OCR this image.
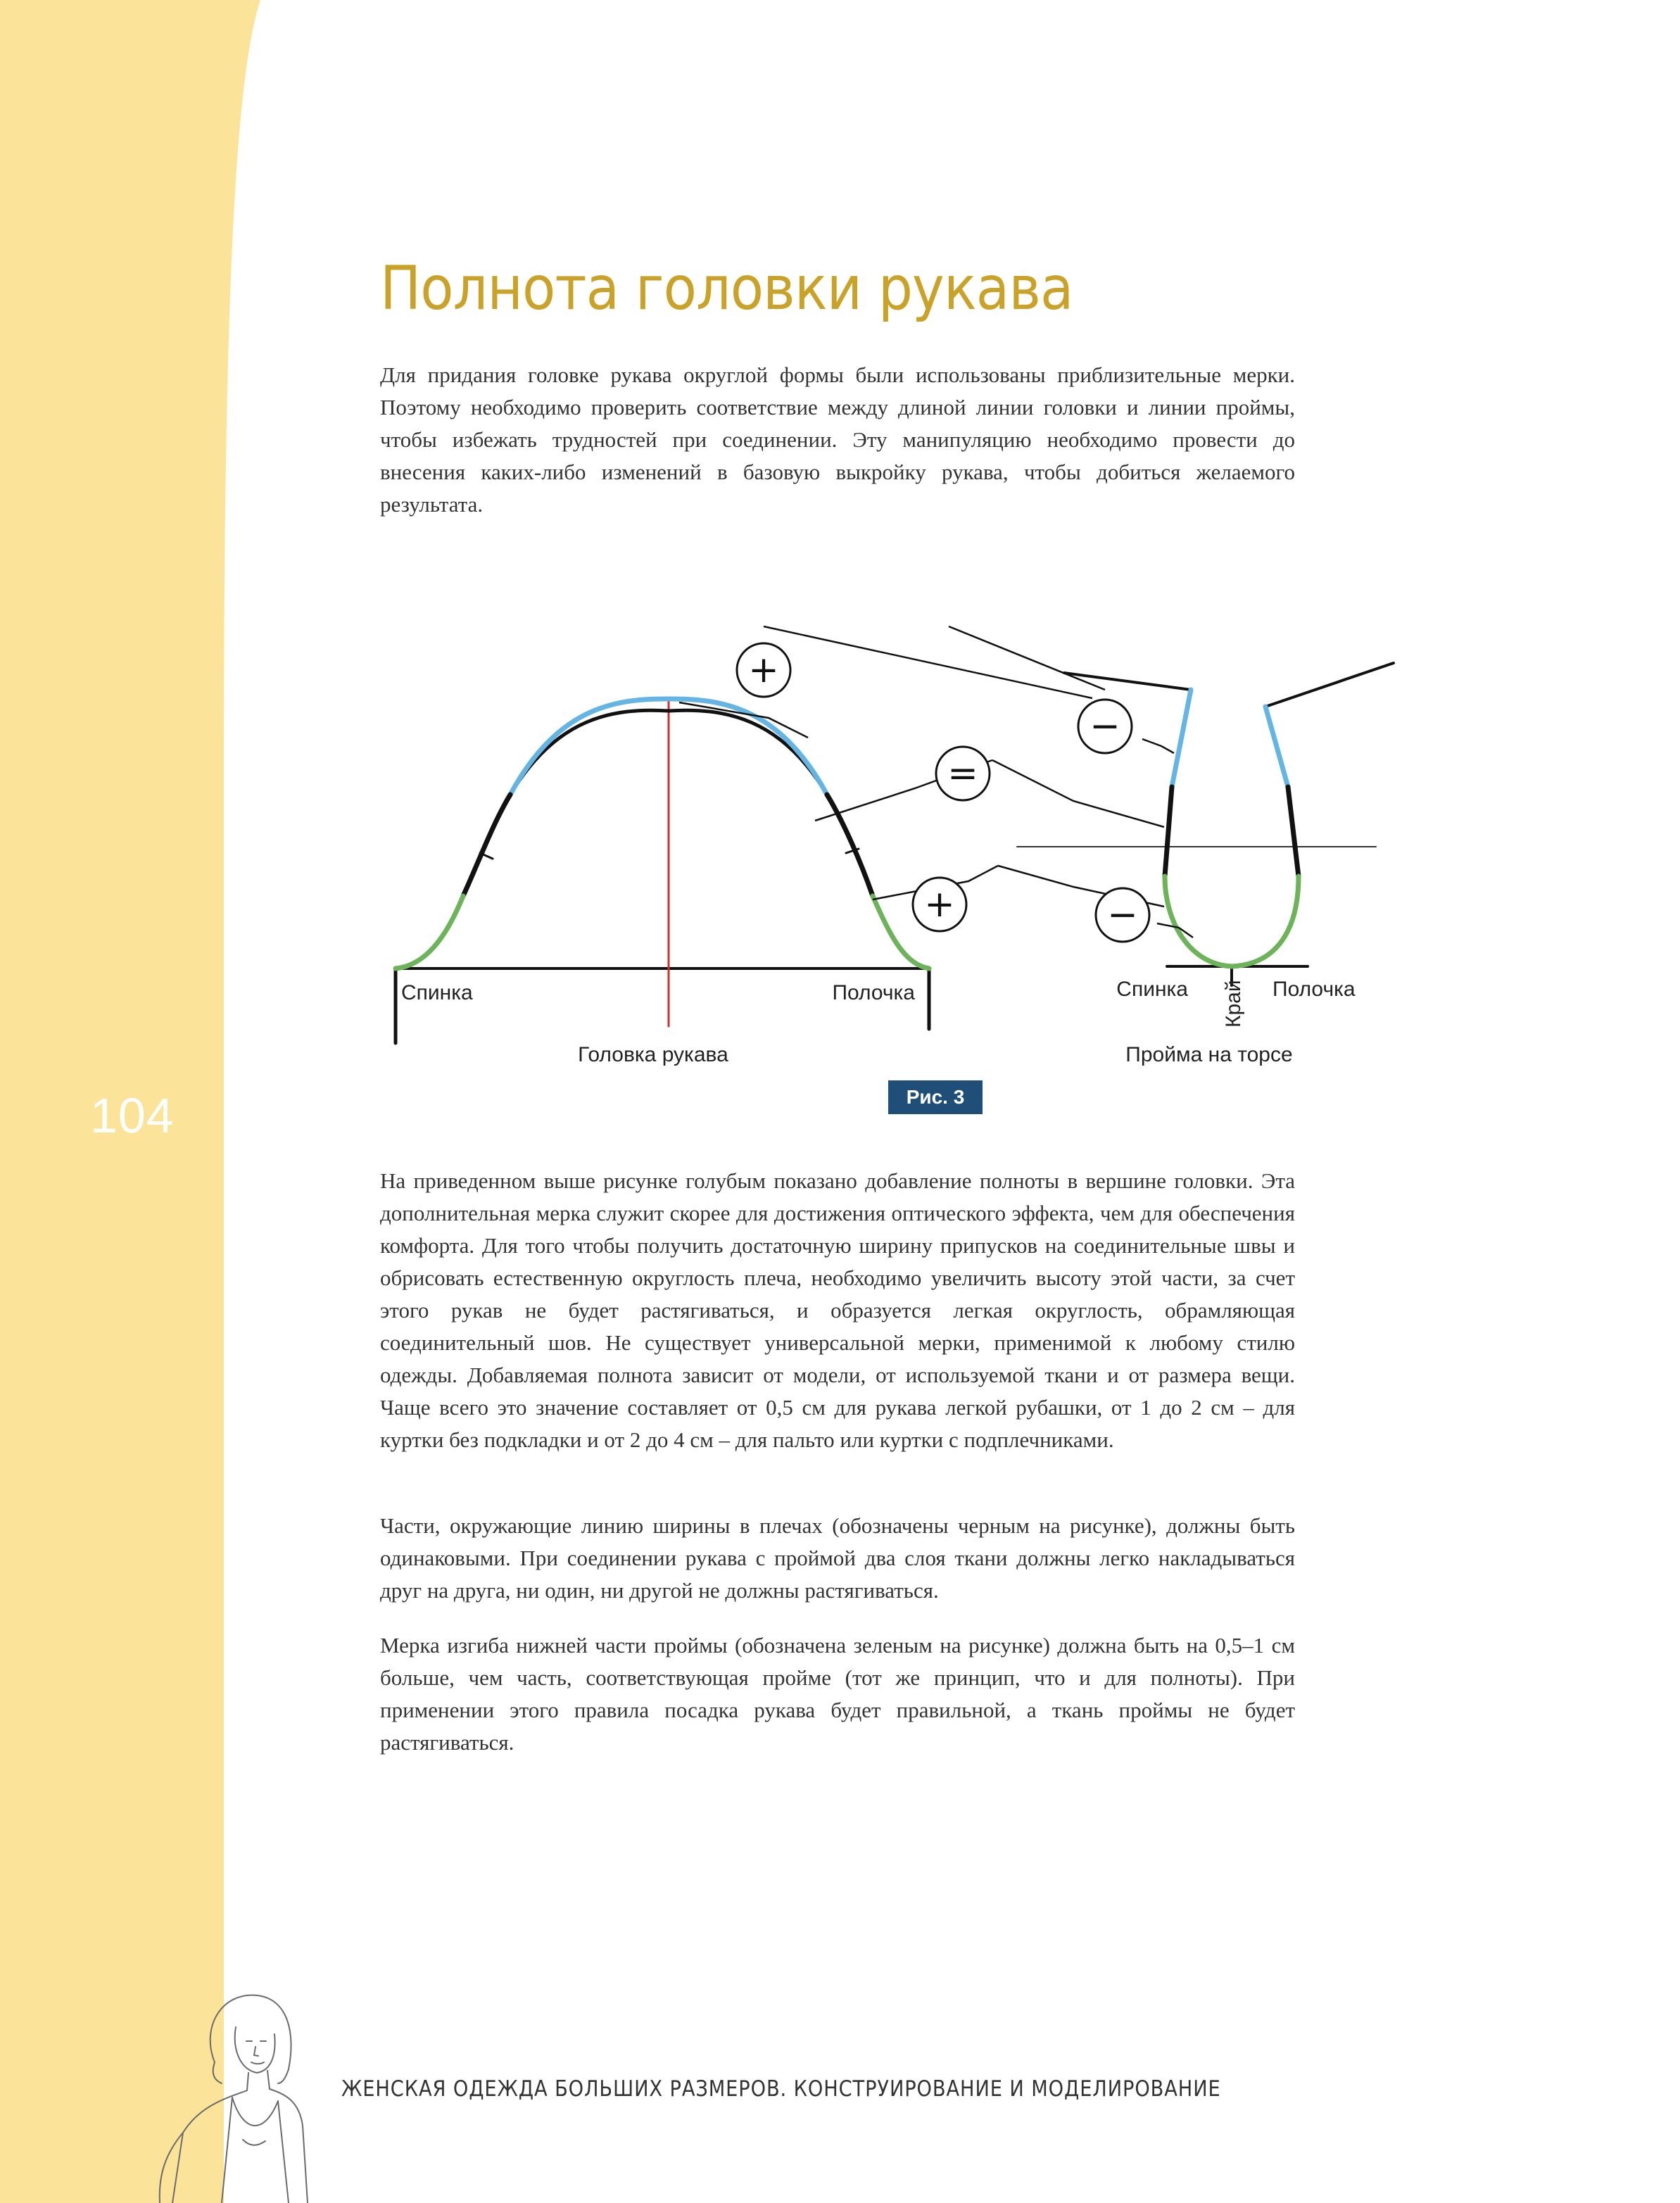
104
Полнота головки рукава

Для придания головке рукава округлой формы были использованы приблизительные мерки. Поэтому необходимо проверить соответствие между длиной линии головки и линии проймы, чтобы избежать трудностей при соединении. Эту манипуляцию необходимо провести до внесения каких-либо изменений в базовую выкройку рукава, чтобы добиться желаемого результата.

+
−
=
+	−
Спинка	Полочка
Головка рукава
Спинка	Полочка
Край
Пройма на торсе
Рис. 3

На приведенном выше рисунке голубым показано добавление полноты в вершине головки. Эта дополнительная мерка служит скорее для достижения оптического эффекта, чем для обеспечения комфорта. Для того чтобы получить достаточную ширину припусков на соединительные швы и обрисовать естественную округлость плеча, необходимо увеличить высоту этой части, за счет этого рукав не будет растягиваться, и образуется легкая округлость, обрамляющая соединительный шов. Не существует универсальной мерки, применимой к любому стилю одежды. Добавляемая полнота зависит от модели, от используемой ткани и от размера вещи. Чаще всего это значение составляет от 0,5 см для рукава легкой рубашки, от 1 до 2 см – для куртки без подкладки и от 2 до 4 см – для пальто или куртки с подплечниками.

Части, окружающие линию ширины в плечах (обозначены черным на рисунке), должны быть одинаковыми. При соединении рукава с проймой два слоя ткани должны легко накладываться друг на друга, ни один, ни другой не должны растягиваться.

Мерка изгиба нижней части проймы (обозначена зеленым на рисунке) должна быть на 0,5–1 см больше, чем часть, соответствующая пройме (тот же принцип, что и для полноты). При применении этого правила посадка рукава будет правильной, а ткань проймы не будет растягиваться.

ЖЕНСКАЯ ОДЕЖДА БОЛЬШИХ РАЗМЕРОВ. КОНСТРУИРОВАНИЕ И МОДЕЛИРОВАНИЕ
